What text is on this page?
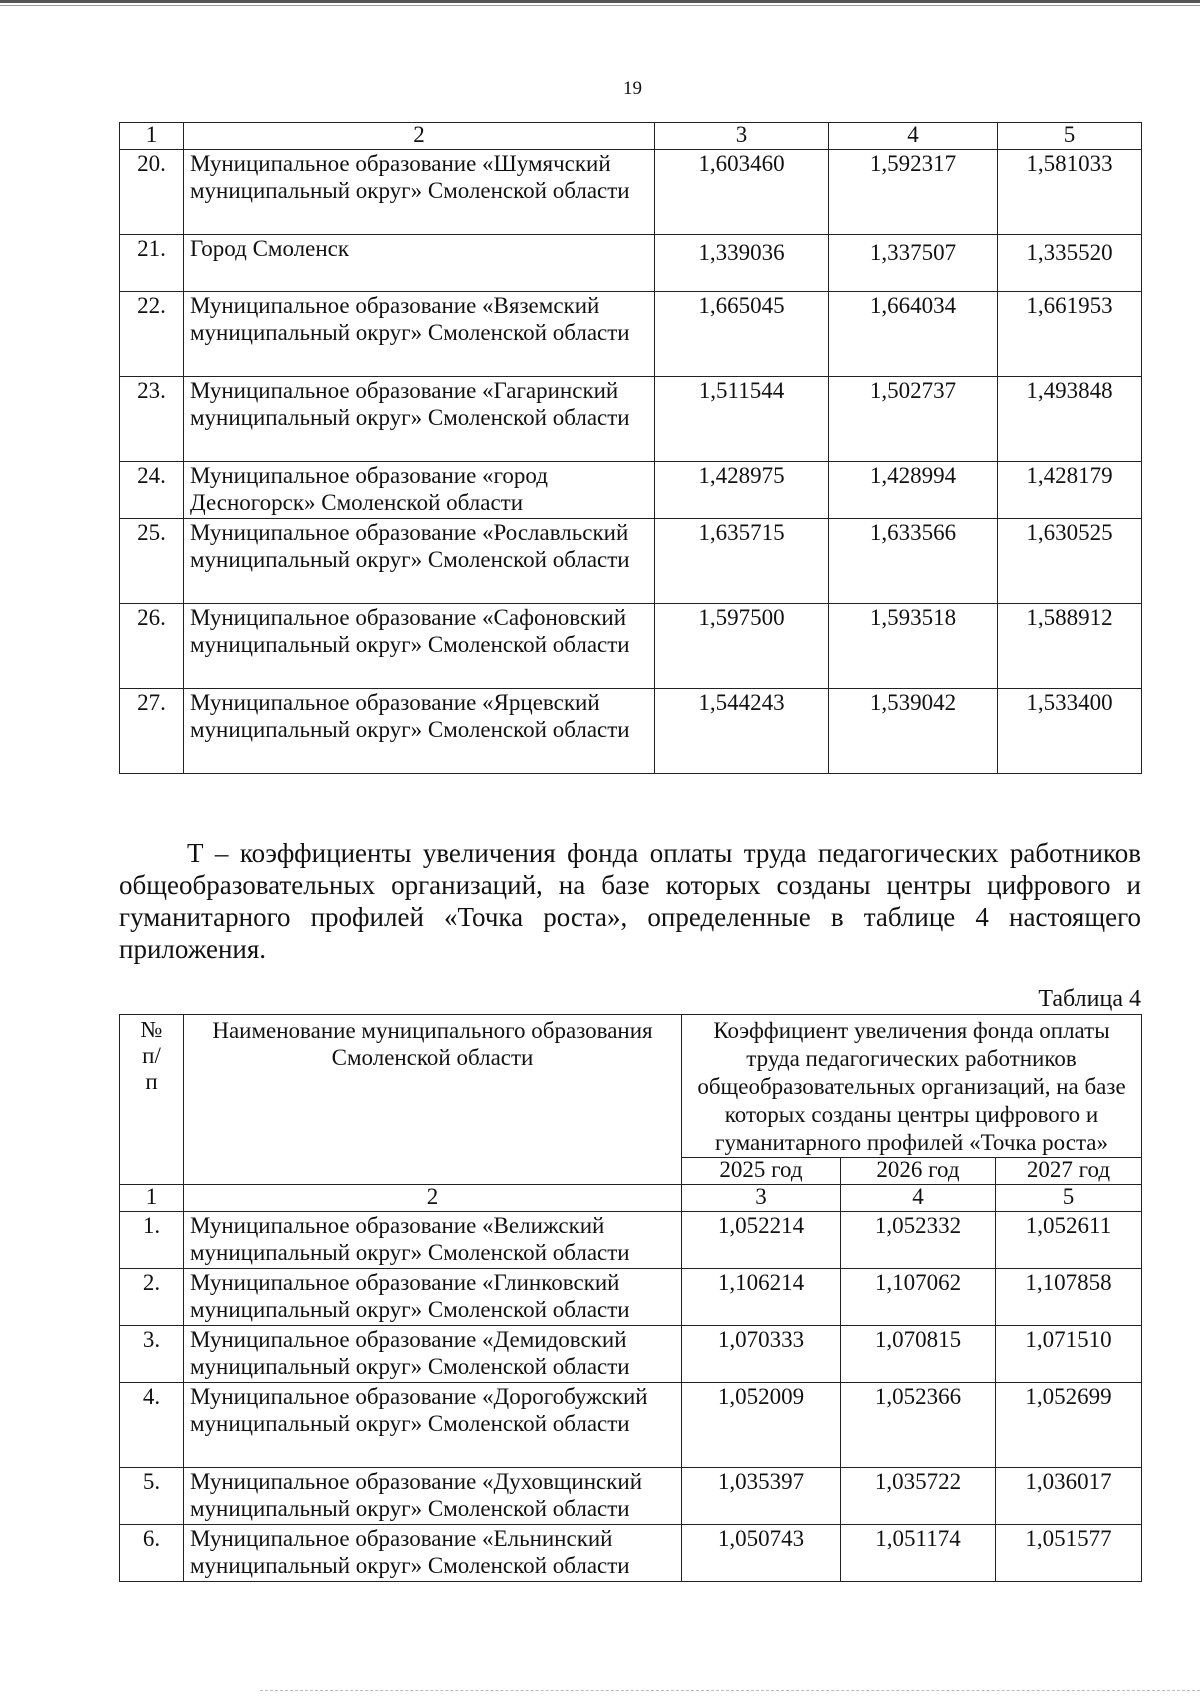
19
1	2	3	4	5
20.	Муниципальное образование «Шумячский муниципальный округ» Смоленской области	1,603460	1,592317	1,581033
21.	Город Смоленск	1,339036	1,337507	1,335520
22.	Муниципальное образование «Вяземский муниципальный округ» Смоленской области	1,665045	1,664034	1,661953
23.	Муниципальное образование «Гагаринский муниципальный округ» Смоленской области	1,511544	1,502737	1,493848
24.	Муниципальное образование «город Десногорск» Смоленской области	1,428975	1,428994	1,428179
25.	Муниципальное образование «Рославльский муниципальный округ» Смоленской области	1,635715	1,633566	1,630525
26.	Муниципальное образование «Сафоновский муниципальный округ» Смоленской области	1,597500	1,593518	1,588912
27.	Муниципальное образование «Ярцевский муниципальный округ» Смоленской области	1,544243	1,539042	1,533400

Т – коэффициенты увеличения фонда оплаты труда педагогических работников общеобразовательных организаций, на базе которых созданы центры цифрового и гуманитарного профилей «Точка роста», определенные в таблице 4 настоящего приложения.

Таблица 4
№ п/п	Наименование муниципального образования Смоленской области	Коэффициент увеличения фонда оплаты труда педагогических работников общеобразовательных организаций, на базе которых созданы центры цифрового и гуманитарного профилей «Точка роста»		
		2025 год	2026 год	2027 год
1	2	3	4	5
1.	Муниципальное образование «Велижский муниципальный округ» Смоленской области	1,052214	1,052332	1,052611
2.	Муниципальное образование «Глинковский муниципальный округ» Смоленской области	1,106214	1,107062	1,107858
3.	Муниципальное образование «Демидовский муниципальный округ» Смоленской области	1,070333	1,070815	1,071510
4.	Муниципальное образование «Дорогобужский муниципальный округ» Смоленской области	1,052009	1,052366	1,052699
5.	Муниципальное образование «Духовщинский муниципальный округ» Смоленской области	1,035397	1,035722	1,036017
6.	Муниципальное образование «Ельнинский муниципальный округ» Смоленской области	1,050743	1,051174	1,051577
